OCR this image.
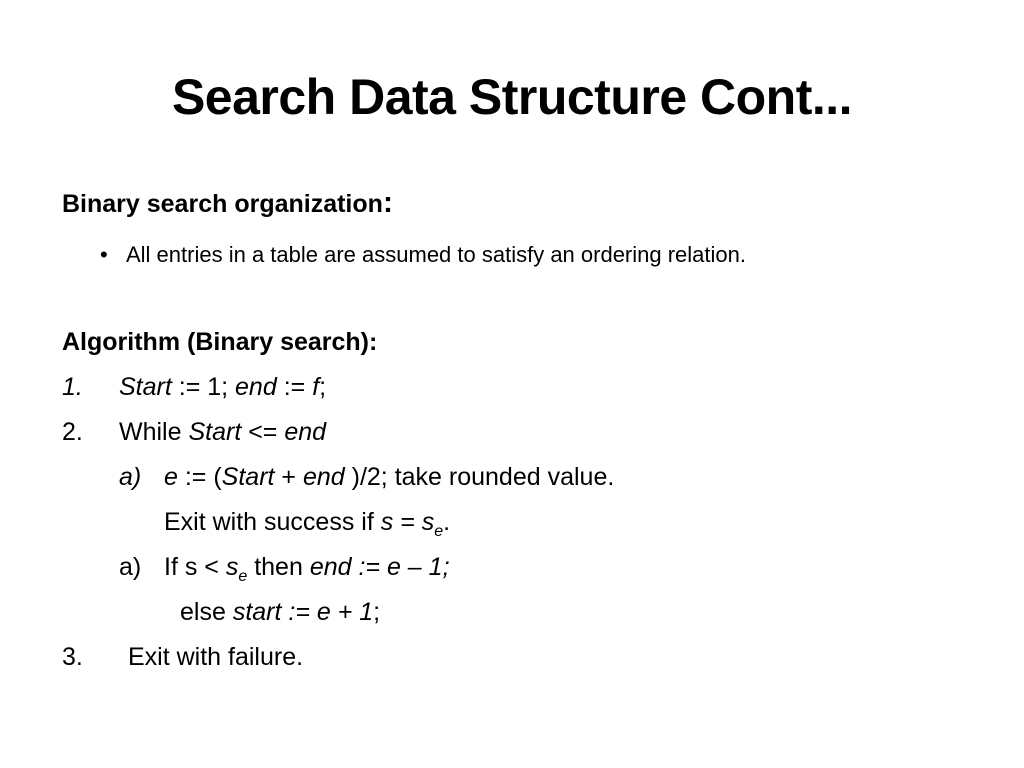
Search Data Structure Cont...
Binary search organization:
• All entries in a table are assumed to satisfy an ordering relation.
Algorithm (Binary search):
1. Start := 1; end := f;
2. While Start <= end
a) e := (Start + end )/2; take rounded value.
Exit with success if $s = s_e$.
a) If $s < s_e$ then end := e – 1;
else start := e + 1;
3. Exit with failure.
